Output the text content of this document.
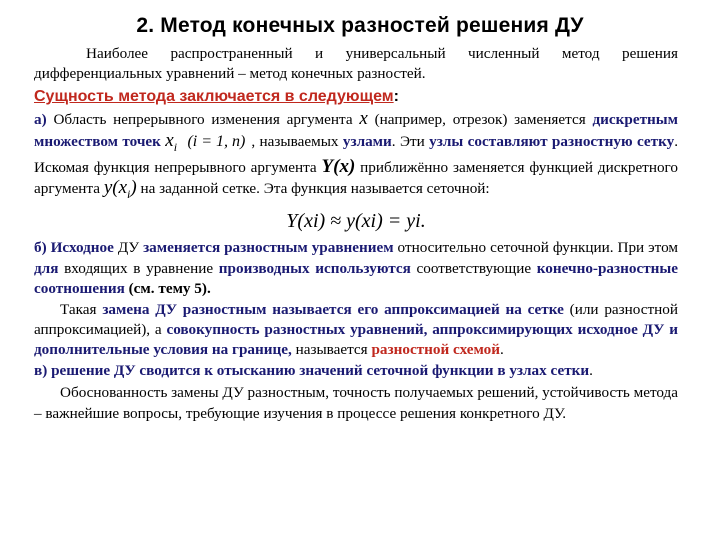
2. Метод конечных разностей решения ДУ

Наиболее распространенный и универсальный численный метод решения дифференциальных уравнений – метод конечных разностей.

Сущность метода заключается в следующем:

а) Область непрерывного изменения аргумента x (например, отрезок) заменяется дискретным множеством точек $x_i$ (i = 1, n) , называемых узлами. Эти узлы составляют разностную сетку. Искомая функция непрерывного аргумента Y(x) приближённо заменяется функцией дискретного аргумента $y(x_i)$ на заданной сетке. Эта функция называется сеточной:

Y(xi) ≈ y(xi) = yi.

б) Исходное ДУ заменяется разностным уравнением относительно сеточной функции. При этом для входящих в уравнение производных используются соответствующие конечно-разностные соотношения (см. тему 5).

Такая замена ДУ разностным называется его аппроксимацией на сетке (или разностной аппроксимацией), а совокупность разностных уравнений, аппроксимирующих исходное ДУ и дополнительные условия на границе, называется разностной схемой.

в) решение ДУ сводится к отысканию значений сеточной функции в узлах сетки.

Обоснованность замены ДУ разностным, точность получаемых решений, устойчивость метода – важнейшие вопросы, требующие изучения в процессе решения конкретного ДУ.
